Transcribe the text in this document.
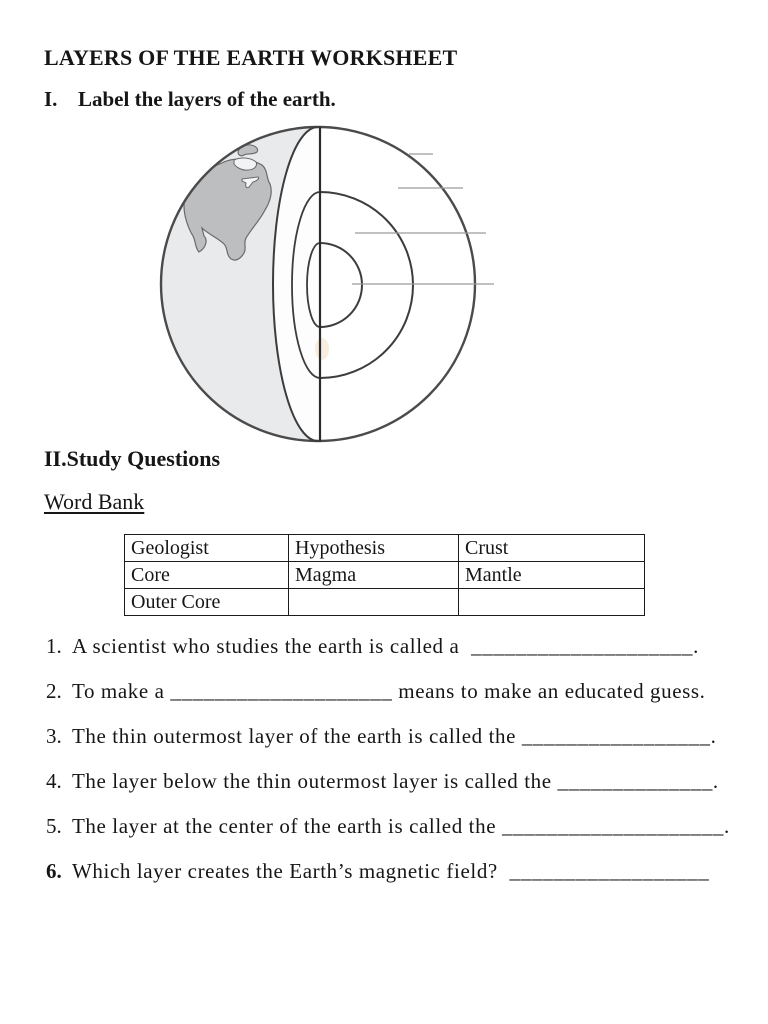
LAYERS OF THE EARTH WORKSHEET
I. Label the layers of the earth.
II.Study Questions
Word Bank
Geologist	Hypothesis	Crust
Core	Magma	Mantle
Outer Core		
1. A scientist who studies the earth is called a  ____________________.
2. To make a ____________________ means to make an educated guess.
3. The thin outermost layer of the earth is called the _________________.
4. The layer below the thin outermost layer is called the ______________.
5. The layer at the center of the earth is called the ____________________.
6. Which layer creates the Earth’s magnetic field?  __________________
